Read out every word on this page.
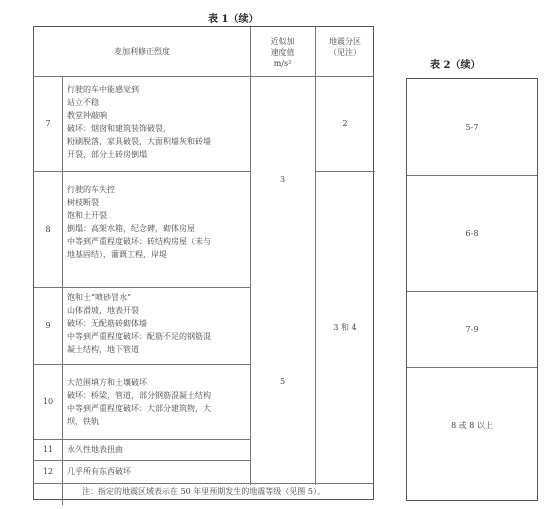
表 1（续）
麦加利修正烈度
近似加
速度值
m/s²
地震分区
（见注）
7
8
9
10
11
12
行驶的车中能感觉到
站立不稳
教堂钟敲响
破坏：烟囱和建筑装饰破裂，
粉刷脱落，家具破裂，大面积墙灰和砖墙
开裂，部分土砖房倒塌
行驶的车失控
树枝断裂
饱和土开裂
倒塌：高架水箱，纪念碑，砌体房屋
中等到严重程度破坏：砖结构房屋（未与
地基固结），灌溉工程，岸堤
饱和土“喷砂冒水”
山体滑坡，地表开裂
破坏：无配筋砖砌体墙
中等到严重程度破坏：配筋不足的钢筋混
凝土结构，地下管道
大范围填方和土壤破坏
破坏：桥梁，管道，部分钢筋混凝土结构
中等到严重程度破坏：大部分建筑物，大
坝，铁轨
永久性地表扭曲
几乎所有东西破坏
3
5
2
3 和 4
注：指定的地震区域表示在 50 年里预期发生的地震等级（见图 5）。
表 2（续）
5-7
6-8
7-9
8 或 8 以上
